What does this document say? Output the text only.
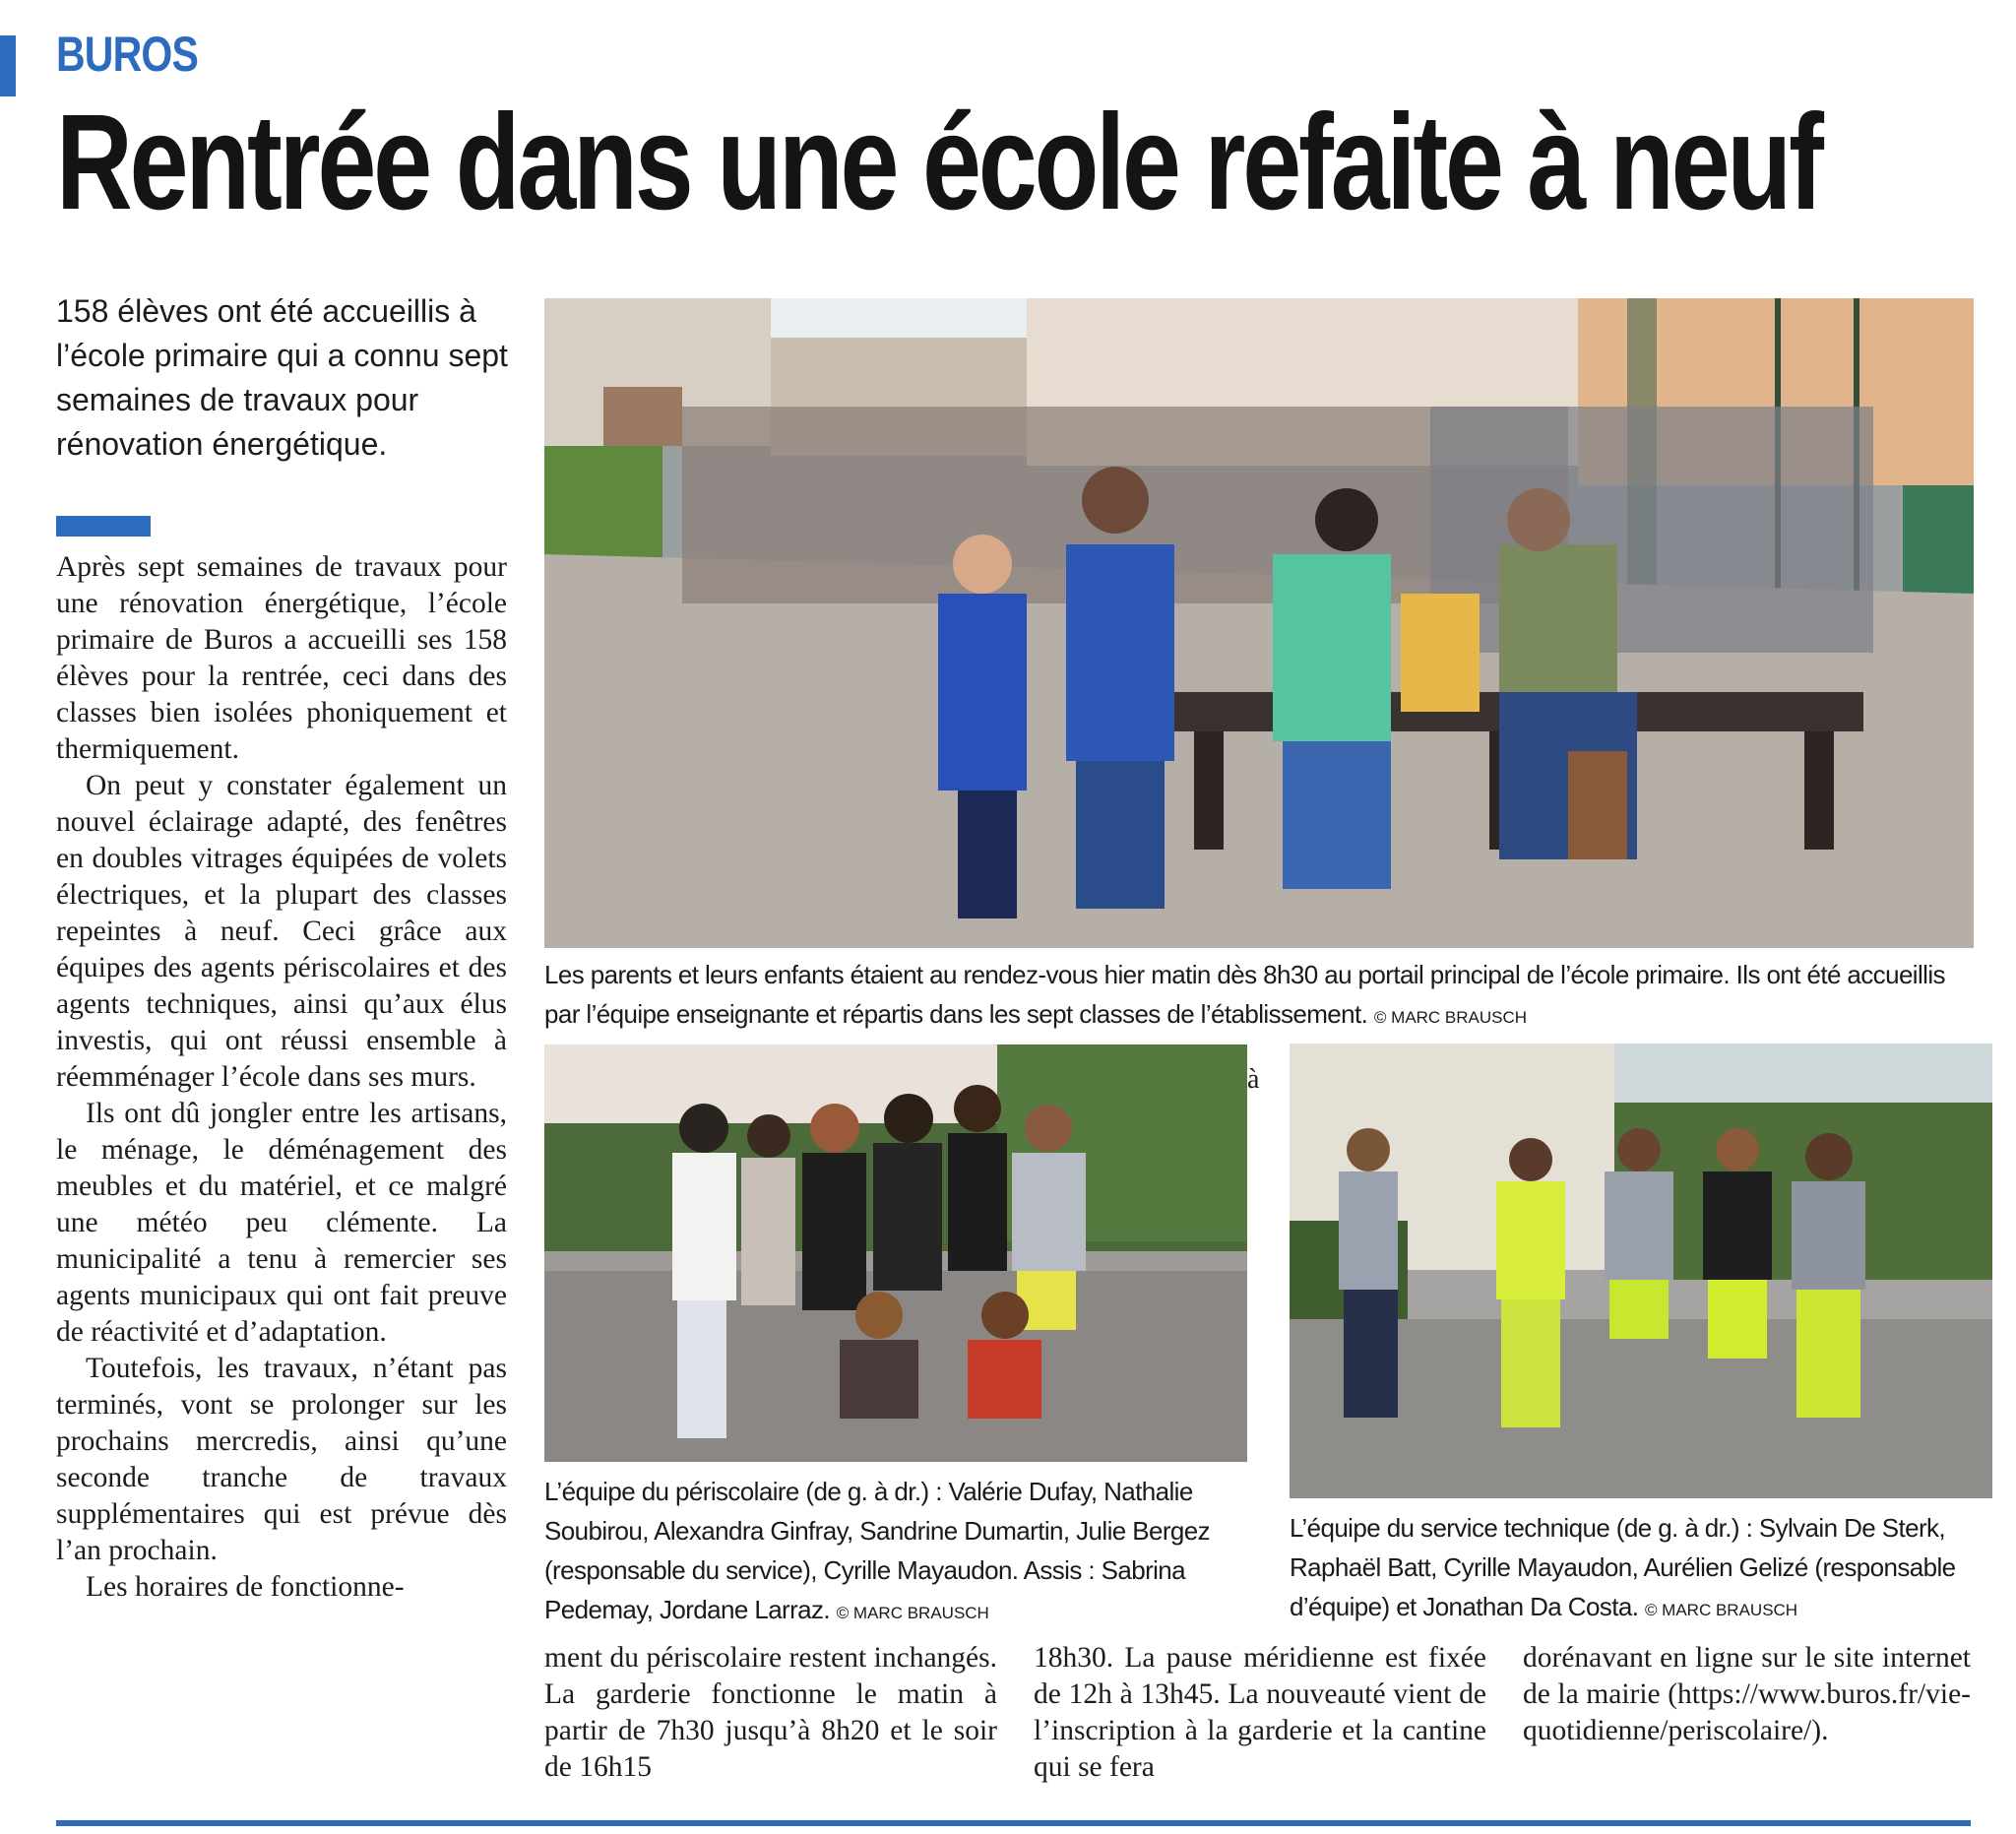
BUROS
Rentrée dans une école refaite à neuf
158 élèves ont été accueillis à l’école primaire qui a connu sept semaines de travaux pour rénovation énergétique.

Après sept semaines de travaux pour une rénovation énergétique, l’école primaire de Buros a accueilli ses 158 élèves pour la rentrée, ceci dans des classes bien isolées phoniquement et thermiquement.

On peut y constater également un nouvel éclairage adapté, des fenêtres en doubles vitrages équipées de volets électriques, et la plupart des classes repeintes à neuf. Ceci grâce aux équipes des agents périscolaires et des agents techniques, ainsi qu’aux élus investis, qui ont réussi ensemble à réemménager l’école dans ses murs.

Ils ont dû jongler entre les artisans, le ménage, le déménagement des meubles et du matériel, et ce malgré une météo peu clémente. La municipalité a tenu à remercier ses agents municipaux qui ont fait preuve de réactivité et d’adaptation.

Toutefois, les travaux, n’étant pas terminés, vont se prolonger sur les prochains mercredis, ainsi qu’une seconde tranche de travaux supplémentaires qui est prévue dès l’an prochain.

Les horaires de fonctionne-

Les parents et leurs enfants étaient au rendez-vous hier matin dès 8h30 au portail principal de l’école primaire. Ils ont été accueillis par l’équipe enseignante et répartis dans les sept classes de l’établissement. © MARC BRAUSCH
à
L’équipe du périscolaire (de g. à dr.) : Valérie Dufay, Nathalie Soubirou, Alexandra Ginfray, Sandrine Dumartin, Julie Bergez (responsable du service), Cyrille Mayaudon. Assis : Sabrina Pedemay, Jordane Larraz. © MARC BRAUSCH
L’équipe du service technique (de g. à dr.) : Sylvain De Sterk, Raphaël Batt, Cyrille Mayaudon, Aurélien Gelizé (responsable d’équipe) et Jonathan Da Costa. © MARC BRAUSCH
ment du périscolaire restent inchangés. La garderie fonctionne le matin à partir de 7h30 jusqu’à 8h20 et le soir de 16h15
18h30. La pause méridienne est fixée de 12h à 13h45. La nouveauté vient de l’inscription à la garderie et la cantine qui se fera
dorénavant en ligne sur le site internet de la mairie (https://www.buros.fr/vie-quotidienne/periscolaire/).
